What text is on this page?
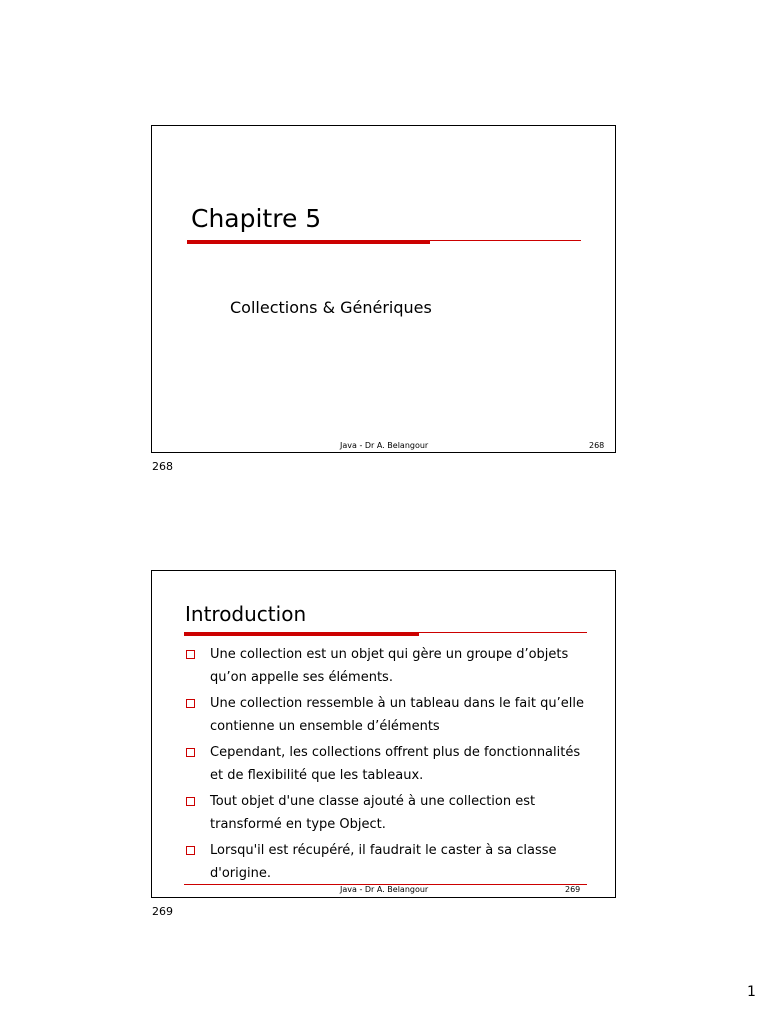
Chapitre 5

Collections & Génériques

Java - Dr A. Belangour	268
268
Introduction
Une collection est un objet qui gère un groupe d’objets qu’on appelle ses éléments.
Une collection ressemble à un tableau dans le fait qu’elle contienne un ensemble d’éléments
Cependant, les collections offrent plus de fonctionnalités et de flexibilité que les tableaux.
Tout objet d'une classe ajouté à une collection est transformé en type Object.
Lorsqu'il est récupéré, il faudrait le caster à sa classe d'origine.
Java - Dr A. Belangour	269
269
1
